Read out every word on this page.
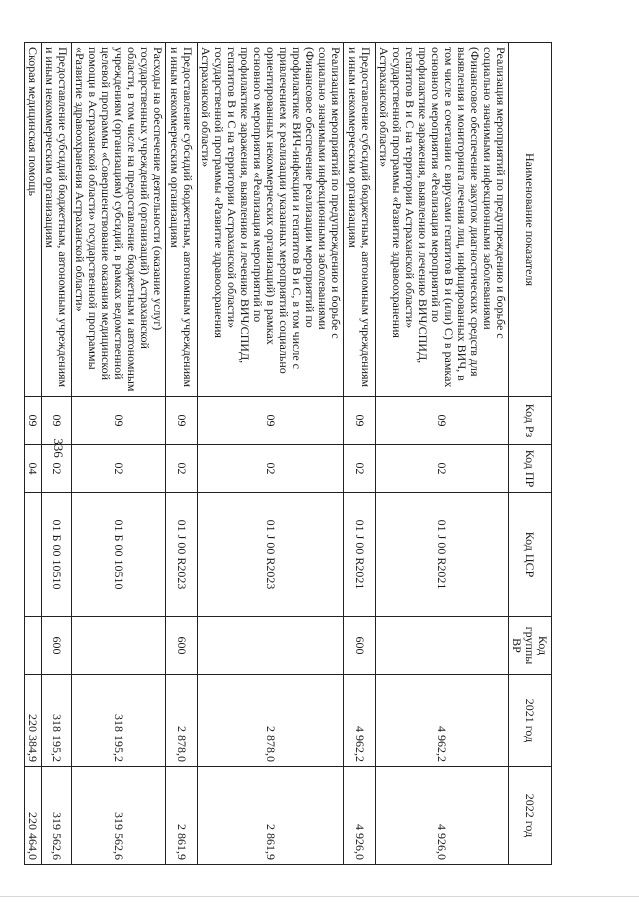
336
Наименование показателя	Код Рз	Код ПР	Код ЦСР	Код группы ВР	2021 год	2022 год
Реализация мероприятий по предупреждению и борьбе с социально значимыми инфекционными заболеваниями (Финансовое обеспечение закупок диагностических средств для выявления и мониторинга лечения лиц, инфицированных ВИЧ, в том числе в сочетании с вирусами гепатитов В и (или) С) в рамках основного мероприятия «Реализация мероприятий по профилактике заражения, выявлению и лечению ВИЧ/СПИД, гепатитов В и С на территории Астраханской области» государственной программы «Развитие здравоохранения Астраханской области»	09	02	01 J 00 R2021		4 962,2	4 926,0
Предоставление субсидий бюджетным, автономным учреждениям и иным некоммерческим организациям	09	02	01 J 00 R2021	600	4 962,2	4 926,0
Реализация мероприятий по предупреждению и борьбе с социально значимыми инфекционными заболеваниями (Финансовое обеспечение реализации мероприятий по профилактике ВИЧ-инфекции и гепатитов В и С, в том числе с привлечением к реализации указанных мероприятий социально ориентированных некоммерческих организаций) в рамках основного мероприятия «Реализация мероприятий по профилактике заражения, выявлению и лечению ВИЧ/СПИД, гепатитов В и С на территории Астраханской области» государственной программы «Развитие здравоохранения Астраханской области»	09	02	01 J 00 R2023		2 878,0	2 861,9
Предоставление субсидий бюджетным, автономным учреждениям и иным некоммерческим организациям	09	02	01 J 00 R2023	600	2 878,0	2 861,9
Расходы на обеспечение деятельности (оказание услуг) государственных учреждений (организаций) Астраханской области, в том числе на предоставление бюджетным и автономным учреждениям (организациям) субсидий, в рамках ведомственной целевой программы «Совершенствование оказания медицинской помощи в Астраханской области» государственной программы «Развитие здравоохранения Астраханской области»	09	02	01 Б 00 10510		318 195,2	319 562,6
Предоставление субсидий бюджетным, автономным учреждениям и иным некоммерческим организациям	09	02	01 Б 00 10510	600	318 195,2	319 562,6
Скорая медицинская помощь	09	04			220 384,9	220 464,0
